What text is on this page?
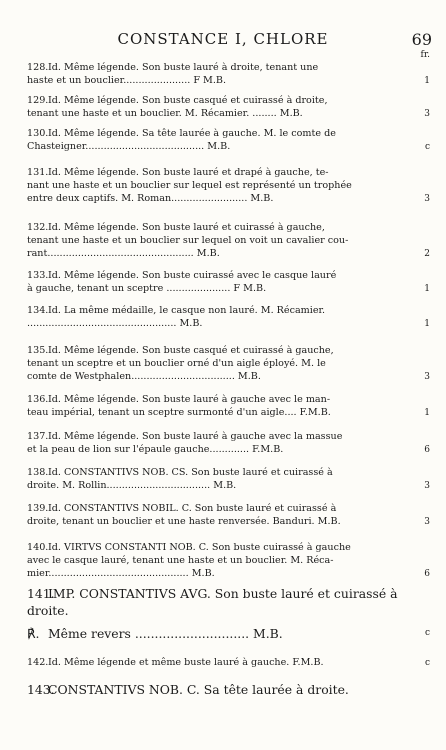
CONSTANCE I, CHLORE	69
fr.
128. Id. Même légende. Son buste lauré à droite, tenant une
haste et un bouclier...................... F M.B.	1
129. Id. Même légende. Son buste casqué et cuirassé à droite,
tenant une haste et un bouclier. M. Récamier. ........ M.B.	3
130. Id. Même légende. Sa tête laurée à gauche. M. le comte de
Chasteigner....................................... M.B.	c
131. Id. Même légende. Son buste lauré et drapé à gauche, te-
nant une haste et un bouclier sur lequel est représenté un trophée
entre deux captifs. M. Roman......................... M.B.	3
132. Id. Même légende. Son buste lauré et cuirassé à gauche,
tenant une haste et un bouclier sur lequel on voit un cavalier cou-
rant................................................ M.B.	2
133. Id. Même légende. Son buste cuirassé avec le casque lauré
à gauche, tenant un sceptre ..................... F M.B.	1
134. Id. La même médaille, le casque non lauré. M. Récamier.
................................................. M.B.	1
135. Id. Même légende. Son buste casqué et cuirassé à gauche,
tenant un sceptre et un bouclier orné d'un aigle éployé. M. le
comte de Westphalen.................................. M.B.	3
136. Id. Même légende. Son buste lauré à gauche avec le man-
teau impérial, tenant un sceptre surmonté d'un aigle.... F.M.B.	1
137. Id. Même légende. Son buste lauré à gauche avec la massue
et la peau de lion sur l'épaule gauche............. F.M.B.	6
138. Id. CONSTANTIVS NOB. CS. Son buste lauré et cuirassé à
droite. M. Rollin.................................. M.B.	3
139. Id. CONSTANTIVS NOBIL. C. Son buste lauré et cuirassé à
droite, tenant un bouclier et une haste renversée. Banduri. M.B.	3
140. Id. VIRTVS CONSTANTI NOB. C. Son buste cuirassé à gauche
avec le casque lauré, tenant une haste et un bouclier. M. Réca-
mier.............................................. M.B.	6
141.
IMP. CONSTANTIVS AVG. Son buste lauré et cuirassé à
droite.
℟. Même revers ............................. M.B.	c
142. Id. Même légende et même buste lauré à gauche. F.M.B.	c
143.
CONSTANTIVS NOB. C. Sa tête laurée à droite.
